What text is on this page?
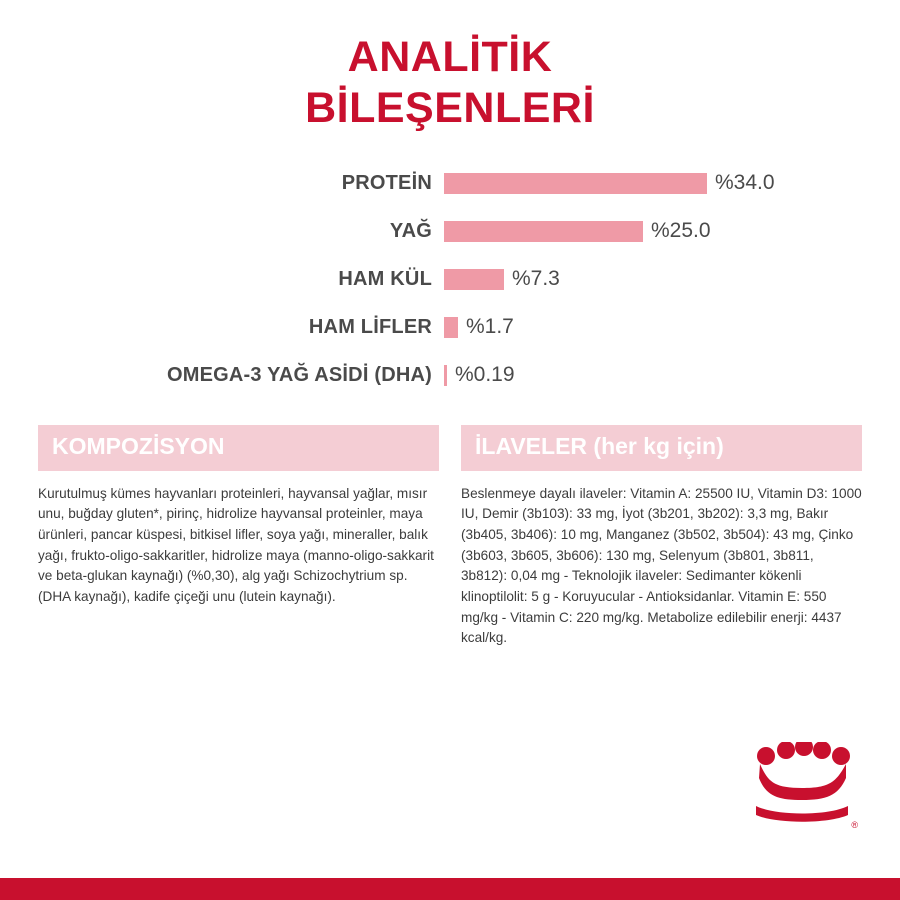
ANALİTİK
BİLEŞENLERİ
PROTEİN	%34.0
YAĞ	%25.0
HAM KÜL	%7.3
HAM LİFLER	%1.7
OMEGA-3 YAĞ ASİDİ (DHA)	%0.19
KOMPOZİSYON
Kurutulmuş kümes hayvanları proteinleri, hayvansal yağlar, mısır unu, buğday gluten*, pirinç, hidrolize hayvansal proteinler, maya ürünleri, pancar küspesi, bitkisel lifler, soya yağı, mineraller, balık yağı, frukto-oligo-sakkaritler, hidrolize maya (manno-oligo-sakkarit ve beta-glukan kaynağı) (%0,30), alg yağı Schizochytrium sp. (DHA kaynağı), kadife çiçeği unu (lutein kaynağı).
İLAVELER (her kg için)
Beslenmeye dayalı ilaveler: Vitamin A: 25500 IU, Vitamin D3: 1000 IU, Demir (3b103): 33 mg, İyot (3b201, 3b202): 3,3 mg, Bakır (3b405, 3b406): 10 mg, Manganez (3b502, 3b504): 43 mg, Çinko (3b603, 3b605, 3b606): 130 mg, Selenyum (3b801, 3b811, 3b812): 0,04 mg - Teknolojik ilaveler: Sedimanter kökenli klinoptilolit: 5 g - Koruyucular - Antioksidanlar. Vitamin E: 550 mg/kg - Vitamin C: 220 mg/kg. Metabolize edilebilir enerji: 4437 kcal/kg.
®
